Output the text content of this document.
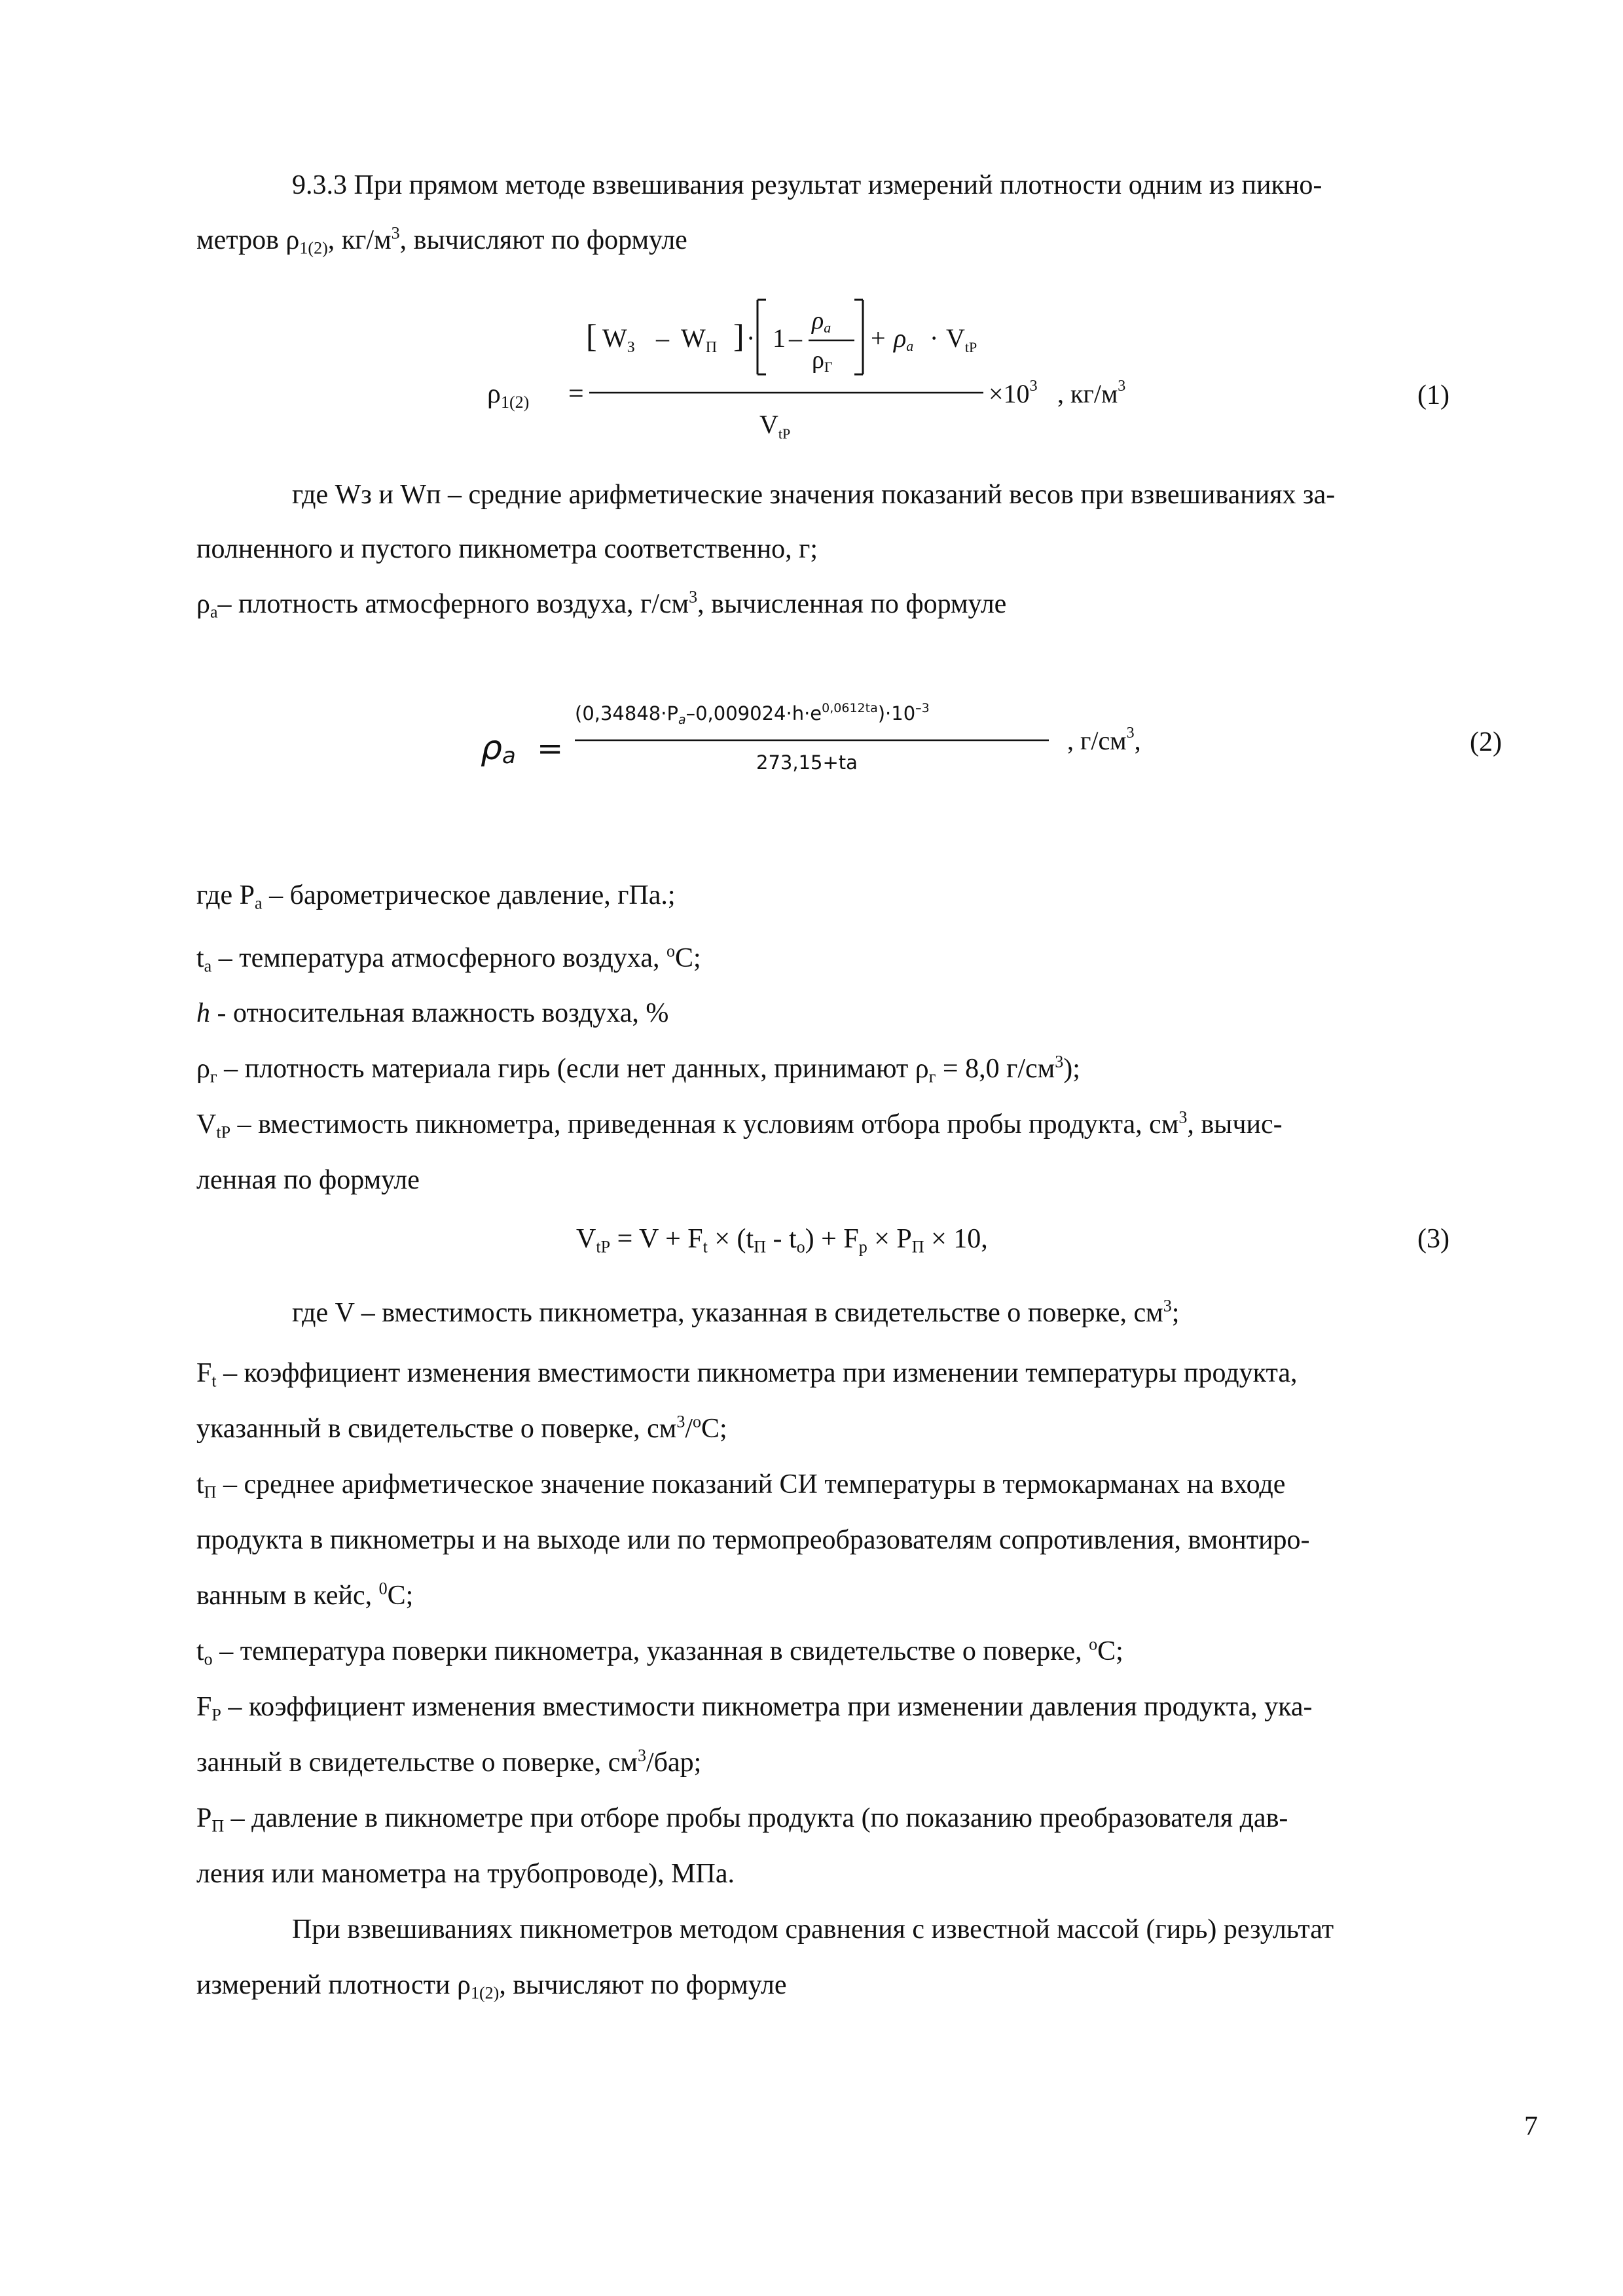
9.3.3 При прямом методе взвешивания результат измерений плотности одним из пикно-
метров $\rho_{1(2)}$, $кг/м^3$, вычисляют по формуле
ρ1(2) =
[ $W_З - W_П$ ] · 1 –
ρa
ρГ
+ $\rho a \cdot V_{tP}$
$V_{tP}$
$\times 10^3$ , $кг/м^3$	(1)
где Wз и Wп – средние арифметические значения показаний весов при взвешиваниях за-
полненного и пустого пикнометра соответственно, г;
$\rho_а-$ плотность атмосферного воздуха, $г/см^3$, вычисленная по формуле
ρa =
$(0,34848\cdot P_a-0,009024\cdot h\cdot e^{0,0612ta})\cdot 10^{-3}$
273,15+ta
, $г/см^3$,	(2)
где $P_а$ – барометрическое давление, гПа.;
$t_a$ – температура атмосферного воздуха, $^о$С;
h - относительная влажность воздуха, %
$\rho_г$ – плотность материала гирь (если нет данных, принимают $\rho_г = 8,0$ $г/см^3$);
$V_{tP}$ – вместимость пикнометра, приведенная к условиям отбора пробы продукта, $см^3$, вычис-
ленная по формуле
$V_{tP} = V + F_t \times (t_П - t_о) + F_р \times P_П \times 10$,	(3)
где V – вместимость пикнометра, указанная в свидетельстве о поверке, $см^3$;
$F_t$ – коэффициент изменения вместимости пикнометра при изменении температуры продукта,
указанный в свидетельстве о поверке, $см^3/^оС$;
$t_П$ – среднее арифметическое значение показаний СИ температуры в термокарманах на входе
продукта в пикнометры и на выходе или по термопреобразователям сопротивления, вмонтиро-
ванным в кейс, $^0$С;
$t_о$ – температура поверки пикнометра, указанная в свидетельстве о поверке, $^о$С;
$F_Р$ – коэффициент изменения вместимости пикнометра при изменении давления продукта, ука-
занный в свидетельстве о поверке, $см^3$/бар;
$P_П$ – давление в пикнометре при отборе пробы продукта (по показанию преобразователя дав-
ления или манометра на трубопроводе), МПа.
При взвешиваниях пикнометров методом сравнения с известной массой (гирь) результат
измерений плотности $\rho_{1(2)}$, вычисляют по формуле
7
